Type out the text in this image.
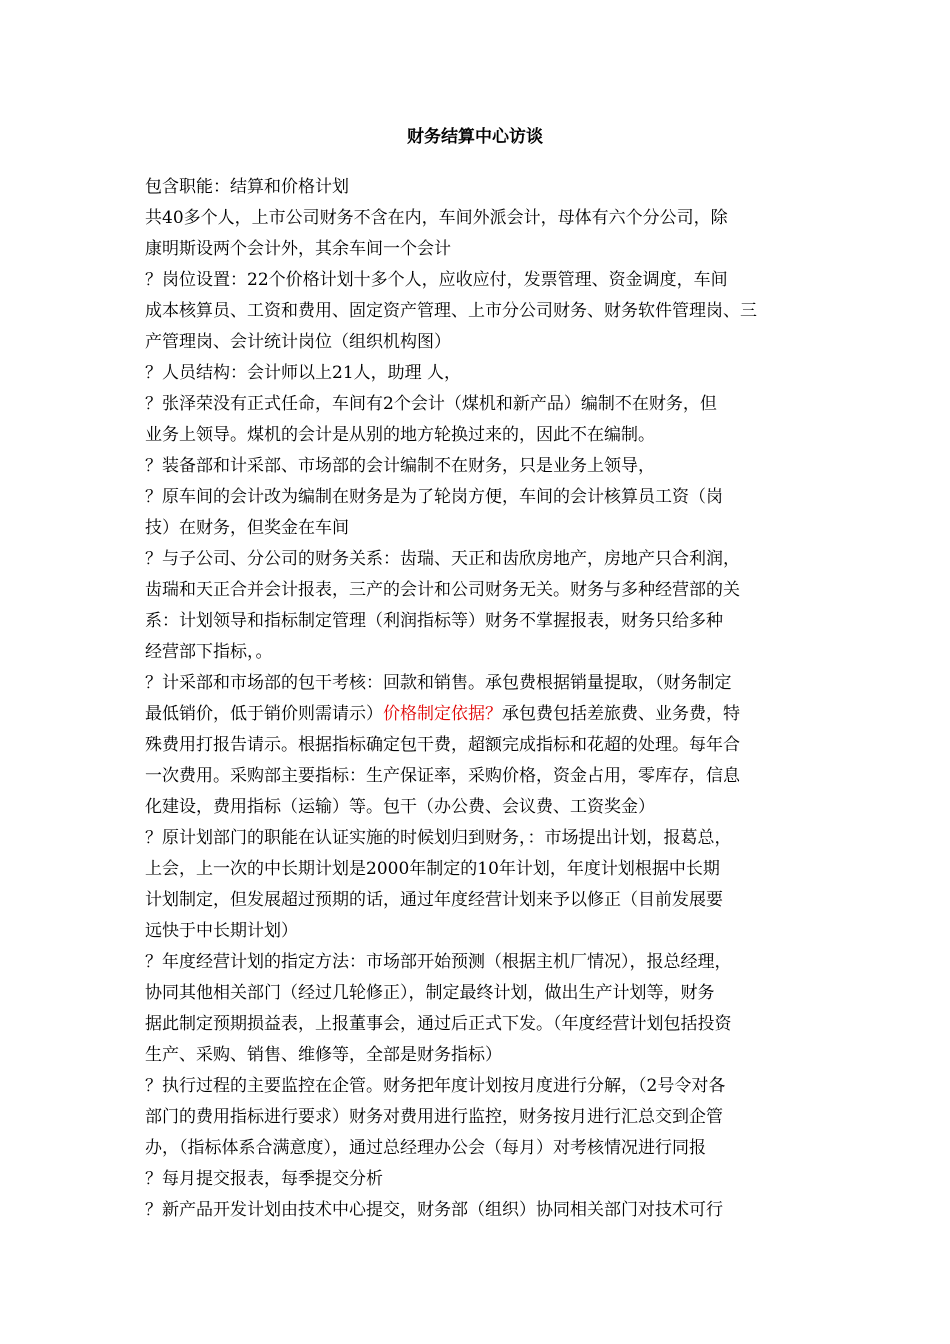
财务结算中心访谈
包含职能：结算和价格计划
共40多个人，上市公司财务不含在内，车间外派会计，母体有六个分公司，除
康明斯设两个会计外，其余车间一个会计
？岗位设置：22个价格计划十多个人，应收应付，发票管理、资金调度，车间
成本核算员、工资和费用、固定资产管理、上市分公司财务、财务软件管理岗、三
产管理岗、会计统计岗位（组织机构图）
？人员结构：会计师以上21人，助理 人，
？张泽荣没有正式任命，车间有2个会计（煤机和新产品）编制不在财务，但
业务上领导。煤机的会计是从别的地方轮换过来的，因此不在编制。
？装备部和计采部、市场部的会计编制不在财务，只是业务上领导，
？原车间的会计改为编制在财务是为了轮岗方便，车间的会计核算员工资（岗
技）在财务，但奖金在车间
？与子公司、分公司的财务关系：齿瑞、天正和齿欣房地产，房地产只合利润，
齿瑞和天正合并会计报表，三产的会计和公司财务无关。财务与多种经营部的关
系：计划领导和指标制定管理（利润指标等）财务不掌握报表，财务只给多种
经营部下指标，。
？计采部和市场部的包干考核：回款和销售。承包费根据销量提取，（财务制定
最低销价，低于销价则需请示）价格制定依据？承包费包括差旅费、业务费，特
殊费用打报告请示。根据指标确定包干费，超额完成指标和花超的处理。每年合
一次费用。采购部主要指标：生产保证率，采购价格，资金占用，零库存，信息
化建设，费用指标（运输）等。包干（办公费、会议费、工资奖金）
？原计划部门的职能在认证实施的时候划归到财务，：市场提出计划，报葛总，
上会，上一次的中长期计划是2000年制定的10年计划，年度计划根据中长期
计划制定，但发展超过预期的话，通过年度经营计划来予以修正（目前发展要
远快于中长期计划）
？年度经营计划的指定方法：市场部开始预测（根据主机厂情况），报总经理，
协同其他相关部门（经过几轮修正），制定最终计划，做出生产计划等，财务
据此制定预期损益表，上报董事会，通过后正式下发。（年度经营计划包括投资
生产、采购、销售、维修等，全部是财务指标）
？执行过程的主要监控在企管。财务把年度计划按月度进行分解，（2号令对各
部门的费用指标进行要求）财务对费用进行监控，财务按月进行汇总交到企管
办，（指标体系合满意度），通过总经理办公会（每月）对考核情况进行同报
？每月提交报表，每季提交分析
？新产品开发计划由技术中心提交，财务部（组织）协同相关部门对技术可行
